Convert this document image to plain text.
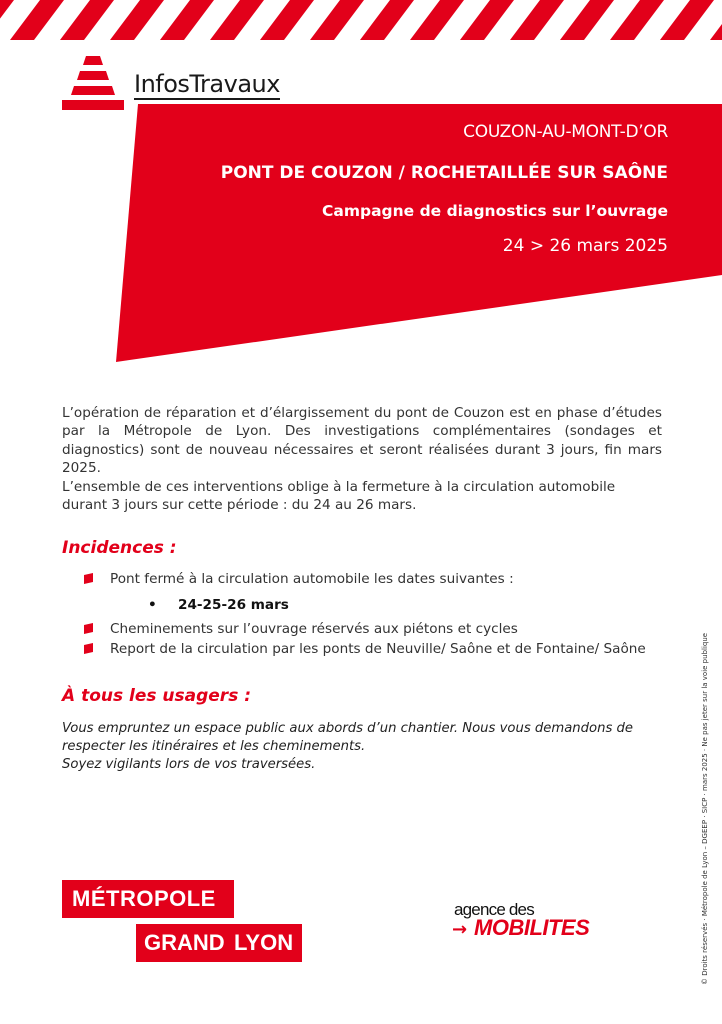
InfosTravaux
COUZON-AU-MONT-D’OR
PONT DE COUZON / ROCHETAILLÉE SUR SAÔNE
Campagne de diagnostics sur l’ouvrage
24 > 26 mars 2025

L’opération de réparation et d’élargissement du pont de Couzon est en phase d’études par la Métropole de Lyon. Des investigations complémentaires (sondages et diagnostics) sont de nouveau nécessaires et seront réalisées durant 3 jours, fin mars 2025.

L’ensemble de ces interventions oblige à la fermeture à la circulation automobile durant 3 jours sur cette période : du 24 au 26 mars.

Incidences :
Pont fermé à la circulation automobile les dates suivantes :
• 24-25-26 mars
Cheminements sur l’ouvrage réservés aux piétons et cycles
Report de la circulation par les ponts de Neuville/ Saône et de Fontaine/ Saône
À tous les usagers :

Vous empruntez un espace public aux abords d’un chantier. Nous vous demandons de respecter les itinéraires et les cheminements.

Soyez vigilants lors de vos traversées.

MÉTROPOLE
GRAND LYON
agence des
→ MOBILITES	© Droits réservés · Métropole de Lyon – DGEEP · SICP · mars 2025 · Ne pas jeter sur la voie publique
